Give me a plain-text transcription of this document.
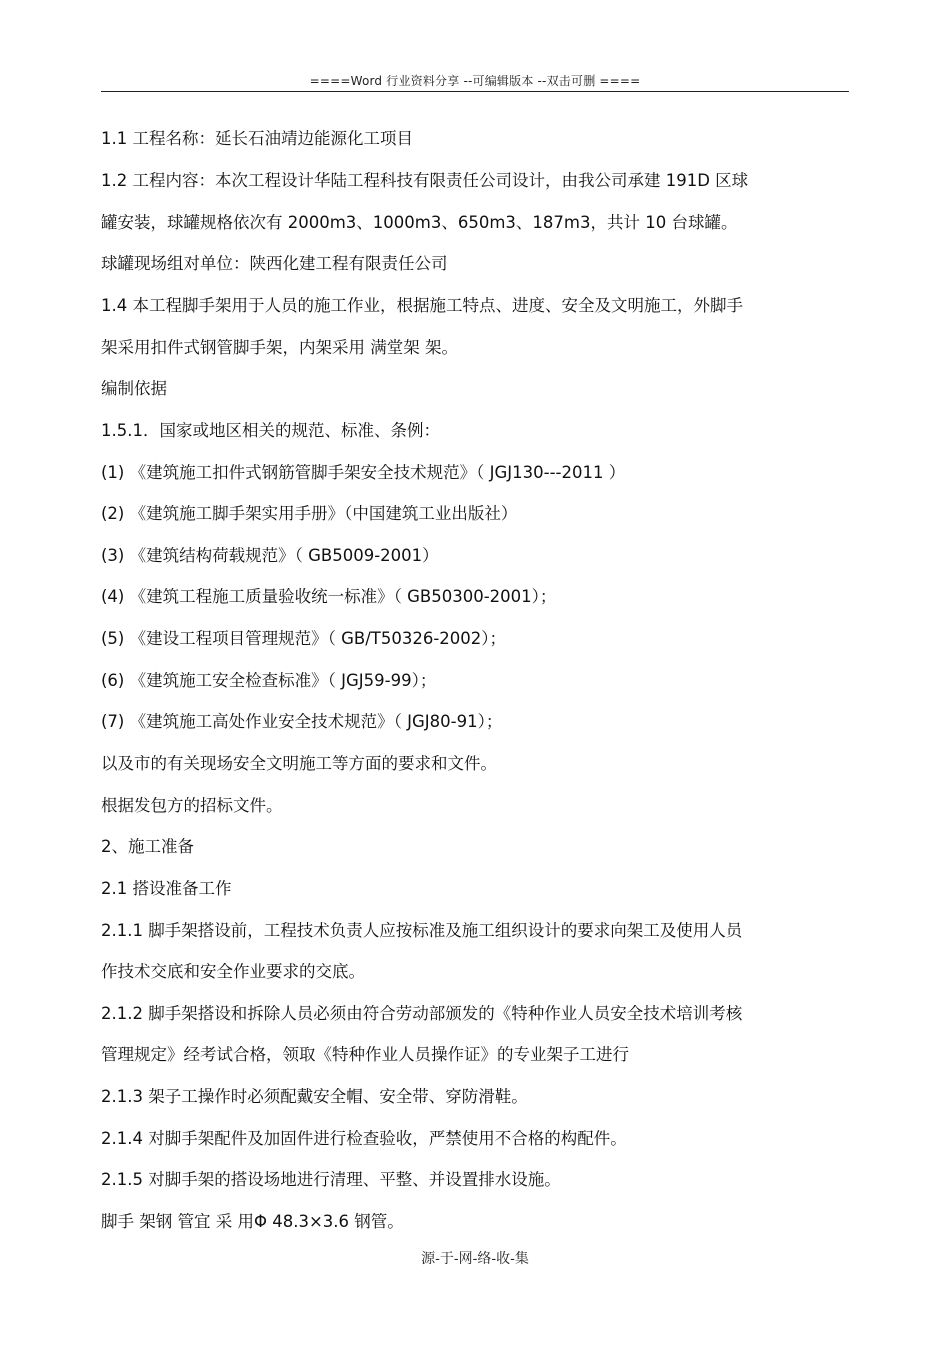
====Word 行业资料分享 --可编辑版本 --双击可删 ====
1.1 工程名称：延长石油靖边能源化工项目
1.2 工程内容：本次工程设计华陆工程科技有限责任公司设计，由我公司承建 191D 区球
罐安装，球罐规格依次有 2000m3、1000m3、650m3、187m3，共计 10 台球罐。
球罐现场组对单位：陕西化建工程有限责任公司
1.4 本工程脚手架用于人员的施工作业，根据施工特点、进度、安全及文明施工，外脚手
架采用扣件式钢管脚手架，内架采用 满堂架 架。
编制依据
1.5.1．国家或地区相关的规范、标准、条例：
(1) 《建筑施工扣件式钢筋管脚手架安全技术规范》（ JGJ130---2011 ）
(2) 《建筑施工脚手架实用手册》（中国建筑工业出版社）
(3) 《建筑结构荷载规范》（ GB5009-2001）
(4) 《建筑工程施工质量验收统一标准》（ GB50300-2001）；
(5) 《建设工程项目管理规范》（ GB/T50326-2002）；
(6) 《建筑施工安全检查标准》（ JGJ59-99）；
(7) 《建筑施工高处作业安全技术规范》（ JGJ80-91）；
以及市的有关现场安全文明施工等方面的要求和文件。
根据发包方的招标文件。
2、施工准备
2.1 搭设准备工作
2.1.1 脚手架搭设前，工程技术负责人应按标准及施工组织设计的要求向架工及使用人员
作技术交底和安全作业要求的交底。
2.1.2 脚手架搭设和拆除人员必须由符合劳动部颁发的《特种作业人员安全技术培训考核
管理规定》经考试合格，领取《特种作业人员操作证》的专业架子工进行
2.1.3 架子工操作时必须配戴安全帽、安全带、穿防滑鞋。
2.1.4 对脚手架配件及加固件进行检查验收，严禁使用不合格的构配件。
2.1.5 对脚手架的搭设场地进行清理、平整、并设置排水设施。
脚手 架钢 管宜 采 用Φ 48.3×3.6 钢管。
源-于-网-络-收-集
